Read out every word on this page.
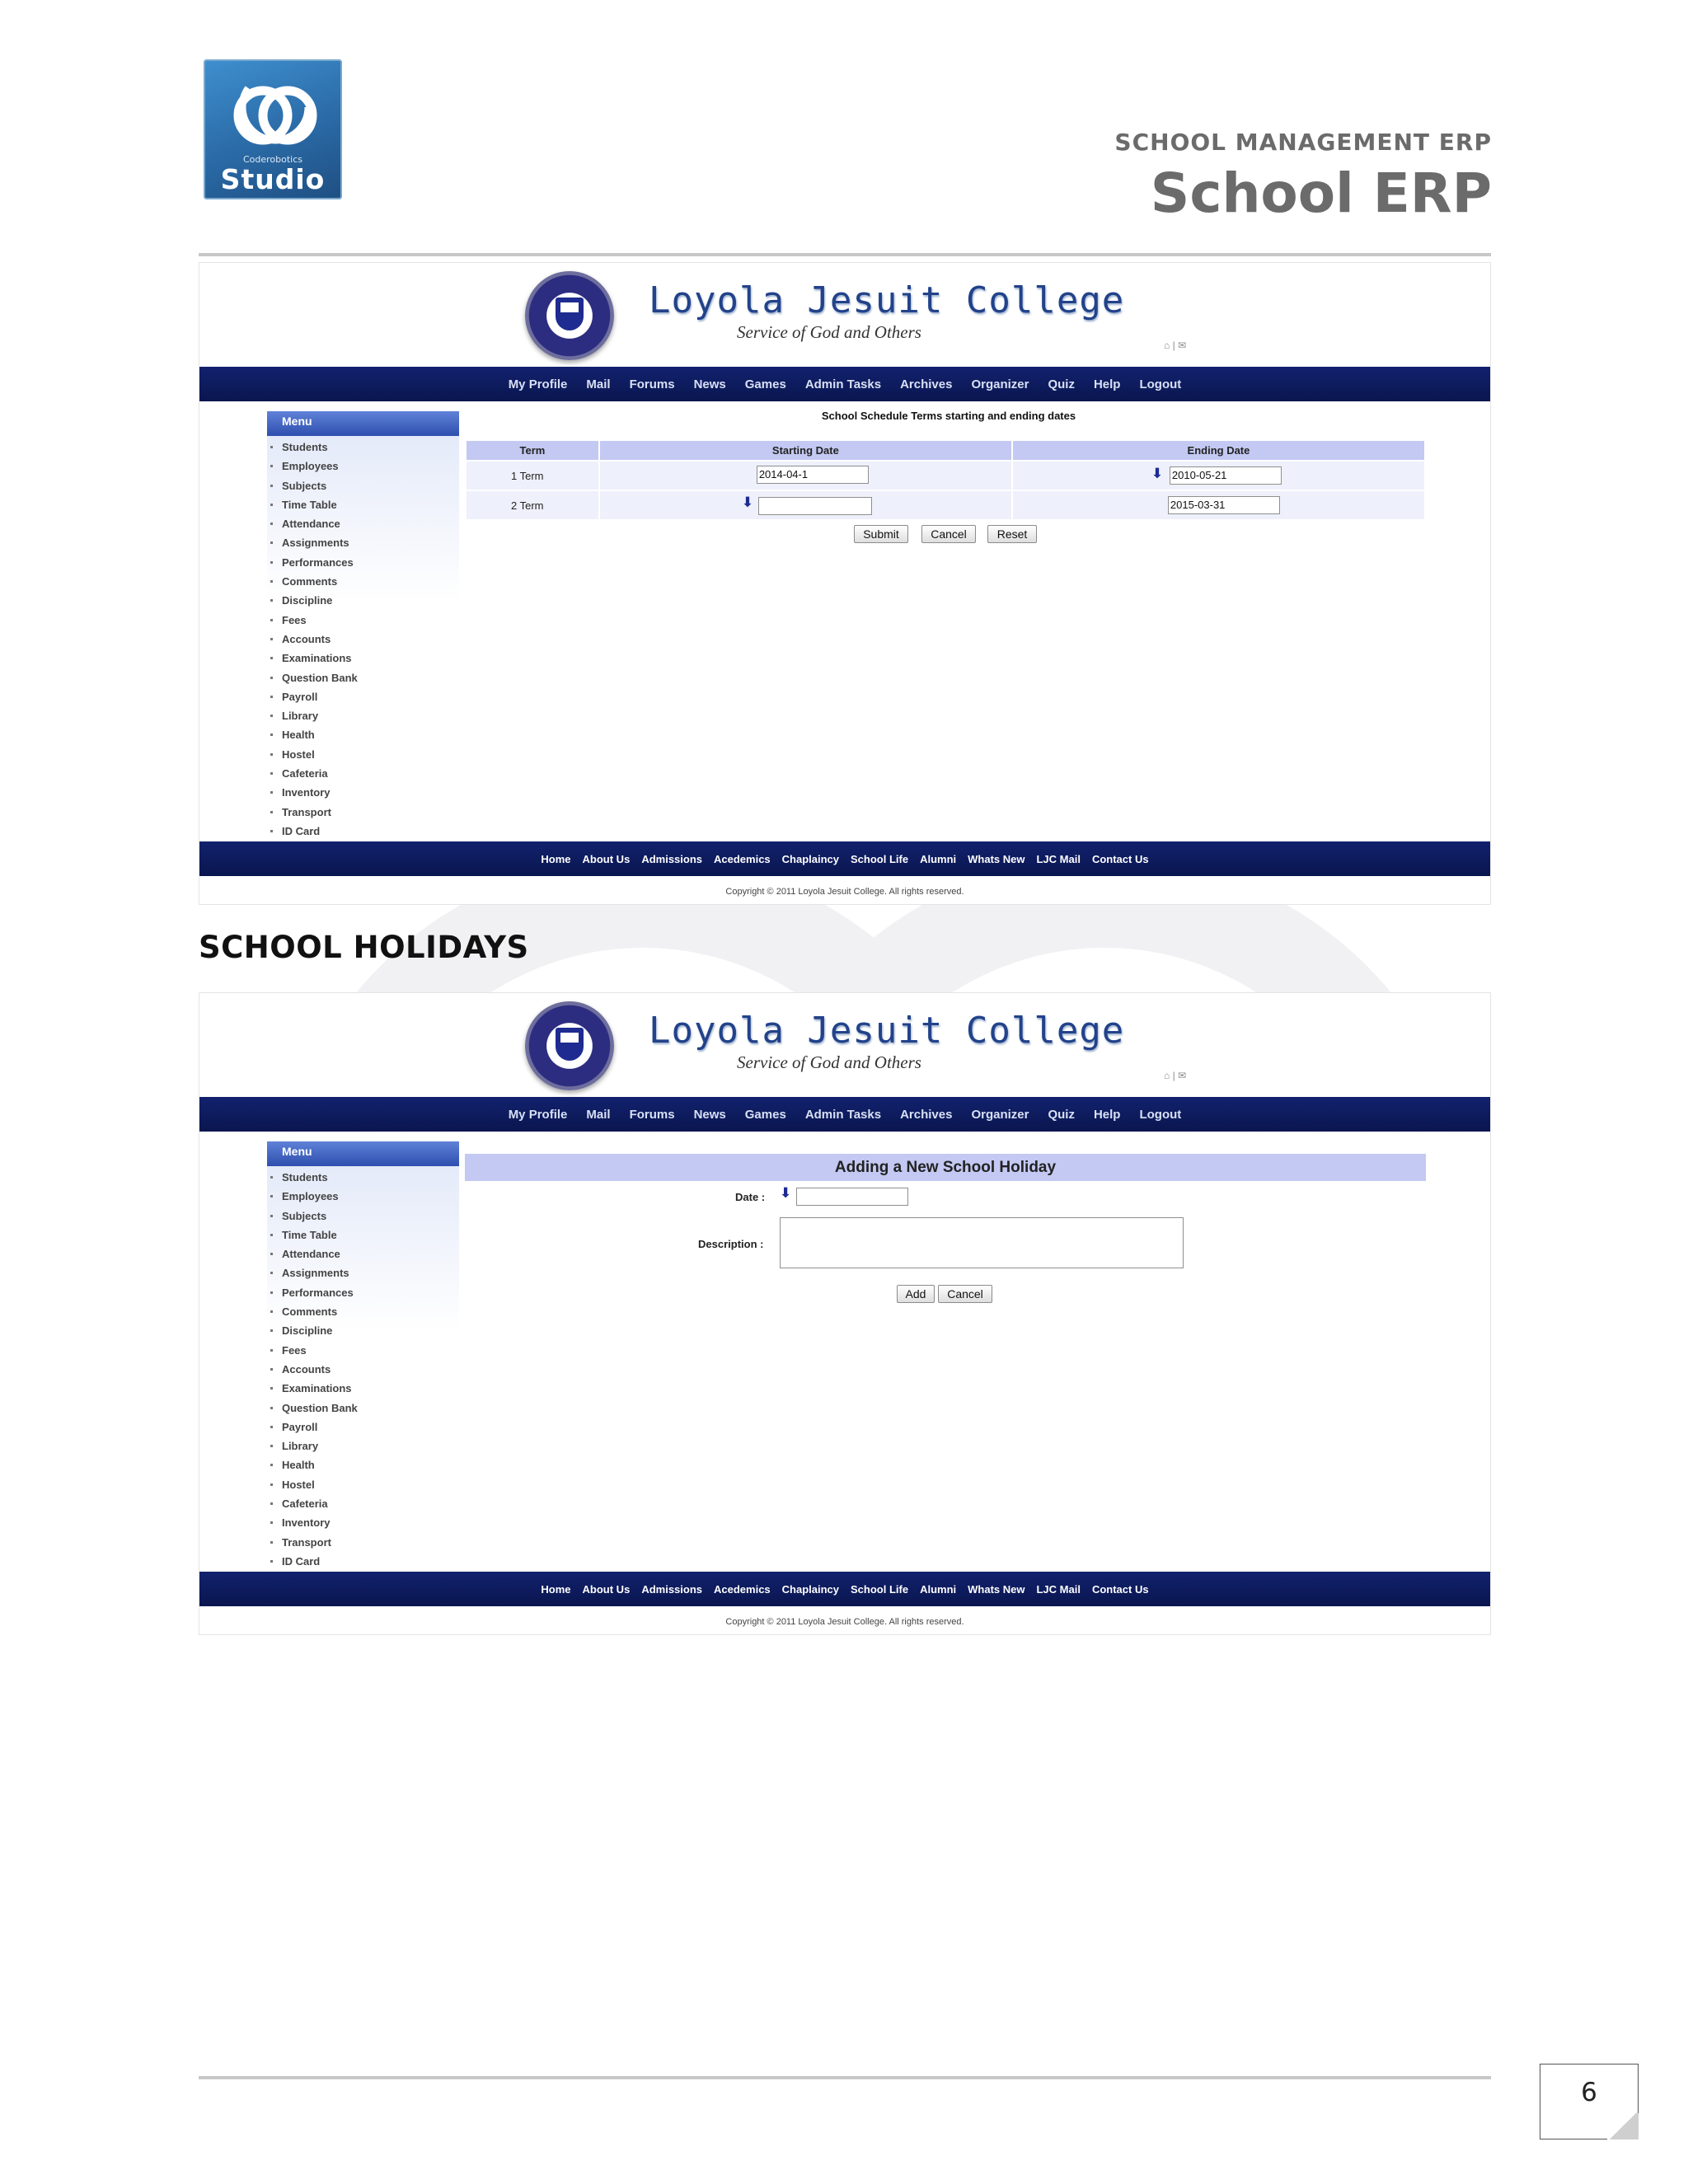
Coderobotics
Studio
SCHOOL MANAGEMENT ERP
School ERP
Loyola Jesuit College
Service of God and Others
⌂ | ✉
My Profile Mail Forums News Games Admin Tasks Archives Organizer Quiz Help Logout
Menu
Students
Employees
Subjects
Time Table
Attendance
Assignments
Performances
Comments
Discipline
Fees
Accounts
Examinations
Question Bank
Payroll
Library
Health
Hostel
Cafeteria
Inventory
Transport
ID Card
School Schedule Terms starting and ending dates
Term	Starting Date	Ending Date
1 Term	2014-04-1	⬇ 2010-05-21

2 Term	⬇	2015-03-31
Submit	Cancel	Reset
Home About Us Admissions Acedemics Chaplaincy School Life Alumni Whats New LJC Mail Contact Us
Copyright © 2011 Loyola Jesuit College. All rights reserved.
SCHOOL HOLIDAYS
Loyola Jesuit College
Service of God and Others
⌂ | ✉
My Profile Mail Forums News Games Admin Tasks Archives Organizer Quiz Help Logout
Menu
Students
Employees
Subjects
Time Table
Attendance
Assignments
Performances
Comments
Discipline
Fees
Accounts
Examinations
Question Bank
Payroll
Library
Health
Hostel
Cafeteria
Inventory
Transport
ID Card
Adding a New School Holiday
Date : ⬇
Description :
Add	Cancel
Home About Us Admissions Acedemics Chaplaincy School Life Alumni Whats New LJC Mail Contact Us
Copyright © 2011 Loyola Jesuit College. All rights reserved.
6
